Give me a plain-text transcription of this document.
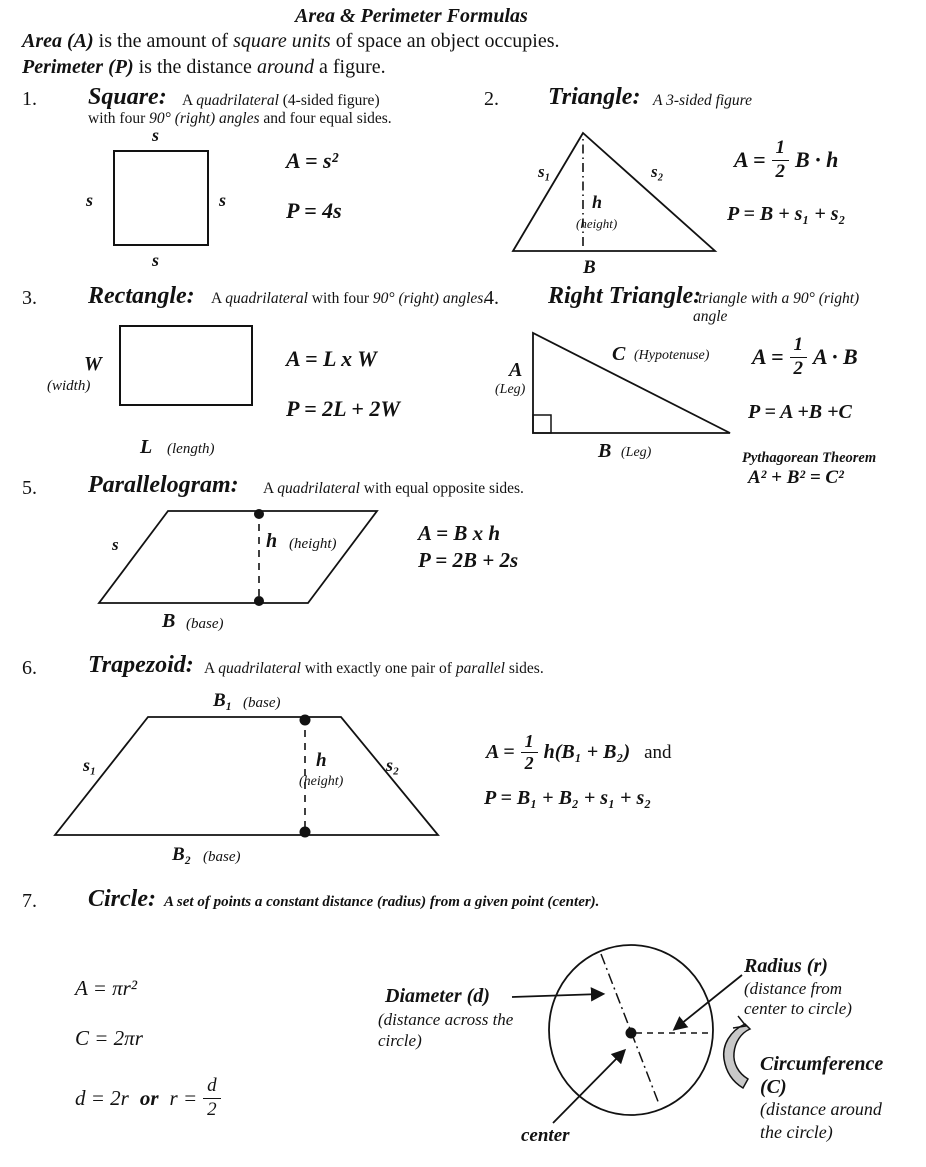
Area & Perimeter Formulas
Area (A) is the amount of square units of space an object occupies.
Perimeter (P) is the distance around a figure.
1. Square: A quadrilateral (4-sided figure)
with four 90° (right) angles and four equal sides.
s
s	s
s
A = s²
P = 4s
2. Triangle: A 3-sided figure
s₁	s₂
h
(height)
B
$A = \frac{1}{2}$ B · h
P = B + s₁ + s₂
3. Rectangle: A quadrilateral with four 90° (right) angles.
W
(width)
L (length)
A = L x W
P = 2L + 2W
4. Right Triangle:
triangle with a 90° (right)
angle
A
(Leg)
C (Hypotenuse)
B (Leg)
$A = \frac{1}{2}$ A · B
P = A +B +C
Pythagorean Theorem
A² + B² = C²
5. Parallelogram: A quadrilateral with equal opposite sides.
s	h (height)
B (base)
A = B x h
P = 2B + 2s
6. Trapezoid: A quadrilateral with exactly one pair of parallel sides.
B₁ (base)
s₁	h
(height)
s₂
B₂ (base)
$A = \frac{1}{2} h(B_1 + B_2)$ and
P = B₁ + B₂ + s₁ + s₂
7. Circle: A set of points a constant distance (radius) from a given point (center).
A = πr²
C = 2πr
d = 2r or $r = \frac{d}{2}$
Diameter (d)
(distance across the
circle)
Radius (r)
(distance from
center to circle)
Circumference
(C)
(distance around
the circle)
center
